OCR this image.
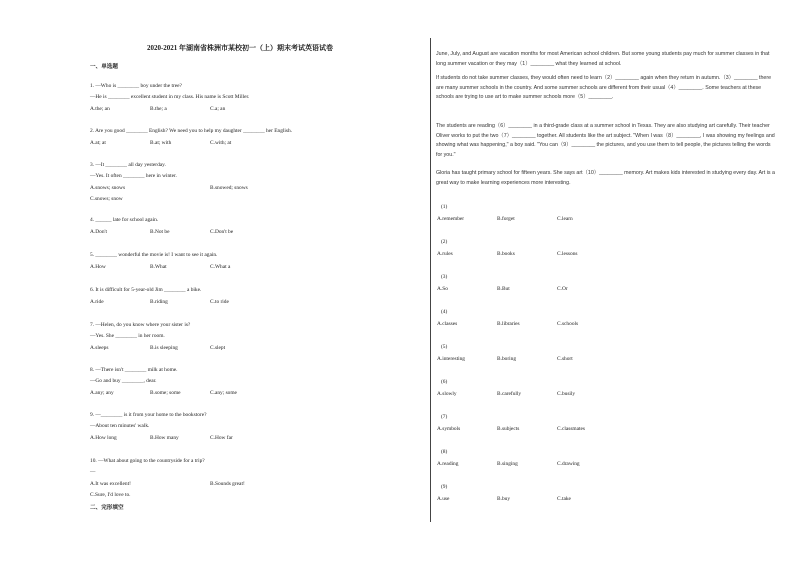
2020-2021 年湖南省株洲市某校初一（上）期末考试英语试卷
一、单选题
1. —Who is ________ boy under the tree?
—He is ________ excellent student in my class. His name is Scott Miller.
A.the; an	B.the; a	C.a; an
2. Are you good ________ English? We need you to help my daughter ________ her English.
A.at; at	B.at; with	C.with; at
3. —It ________ all day yesterday.
—Yes. It often ________ here in winter.
A.snows; snows	B.snowed; snows
C.snows; snow
4. ______ late for school again.
A.Don't	B.Not be	C.Don't be
5. ________ wonderful the movie is! I want to see it again.
A.How	B.What	C.What a
6. It is difficult for 5-year-old Jim ________ a bike.
A.ride	B.riding	C.to ride
7. —Helen, do you know where your sister is?
—Yes. She ________ in her room.
A.sleeps	B.is sleeping	C.slept
8. —There isn't ________ milk at home.
—Go and buy ________, dear.
A.any; any	B.some; some	C.any; some
9. —________ is it from your home to the bookstore?
—About ten minutes' walk.
A.How long	B.How many	C.How far
10. —What about going to the countryside for a trip?
—
A.It was excellent!	B.Sounds great!
C.Sure, I'd love to.
二、完形填空
June, July, and August are vacation months for most American school children. But some young students pay much for summer classes in that long summer vacation or they may（1）________ what they learned at school.
If students do not take summer classes, they would often need to learn（2）________ again when they return in autumn.（3）________ there are many summer schools in the country. And some summer schools are different from their usual（4）________. Some teachers at these schools are trying to use art to make summer schools more（5）________.
The students are reading（6）________ in a third-grade class at a summer school in Texas. They are also studying art carefully. Their teacher Oliver works to put the two（7）________ together. All students like the art subject. "When I was（8）________, I was showing my feelings and showing what was happening," a boy said. "You can（9）________ the pictures, and you use them to tell people, the pictures telling the words for you."
Gloria has taught primary school for fifteen years. She says art（10）________ memory. Art makes kids interested in studying every day. Art is a great way to make learning experiences more interesting.
(1)
A.remember	B.forget	C.learn
(2)
A.rules	B.books	C.lessons
(3)
A.So	B.But	C.Or
(4)
A.classes	B.libraries	C.schools
(5)
A.interesting	B.boring	C.short
(6)
A.slowly	B.carefully	C.busily
(7)
A.symbols	B.subjects	C.classmates
(8)
A.reading	B.singing	C.drawing
(9)
A.use	B.buy	C.take
